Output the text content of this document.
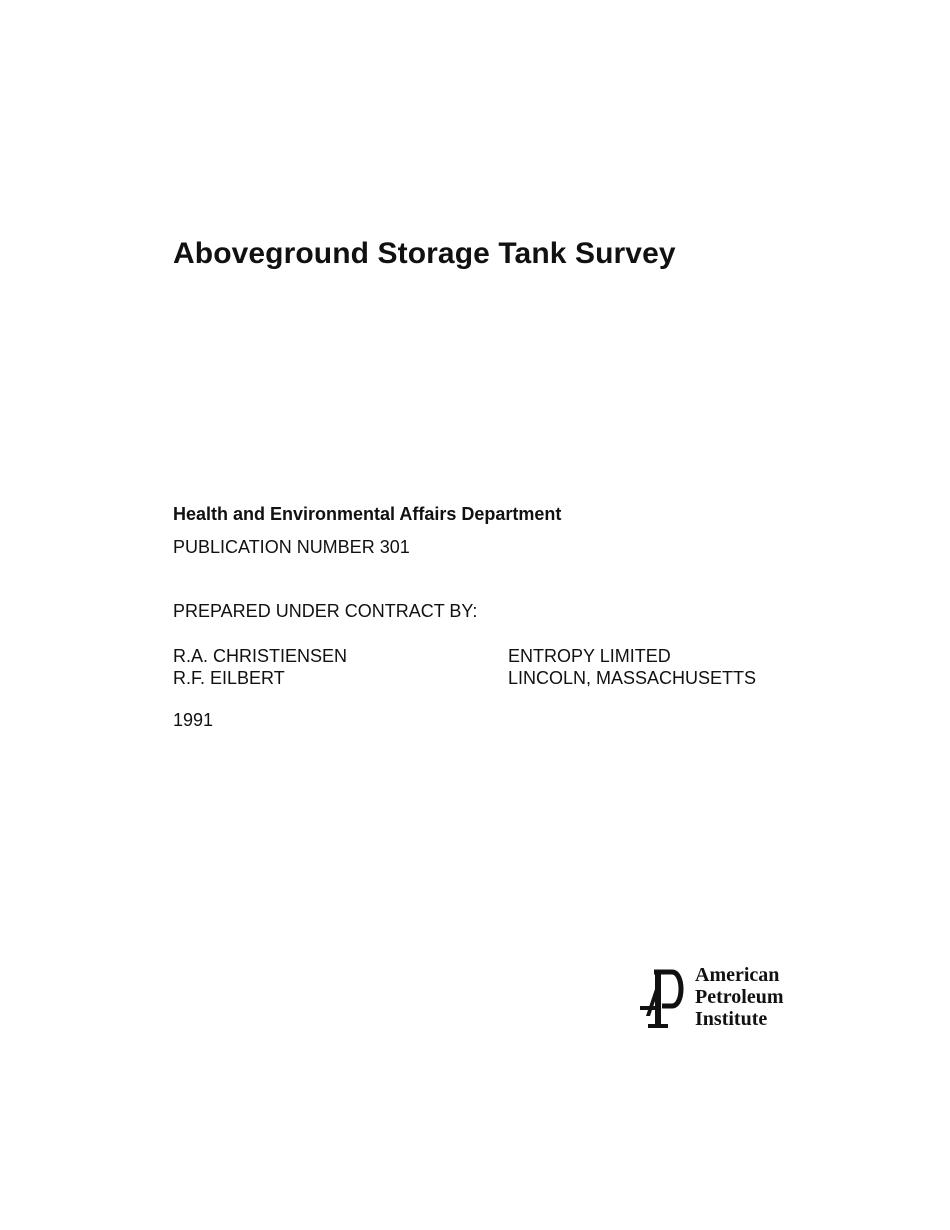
Aboveground Storage Tank Survey
Health and Environmental Affairs Department
PUBLICATION NUMBER 301
PREPARED UNDER CONTRACT BY:
R.A. CHRISTIENSEN
R.F. EILBERT
ENTROPY LIMITED
LINCOLN, MASSACHUSETTS
1991
American
Petroleum
Institute
